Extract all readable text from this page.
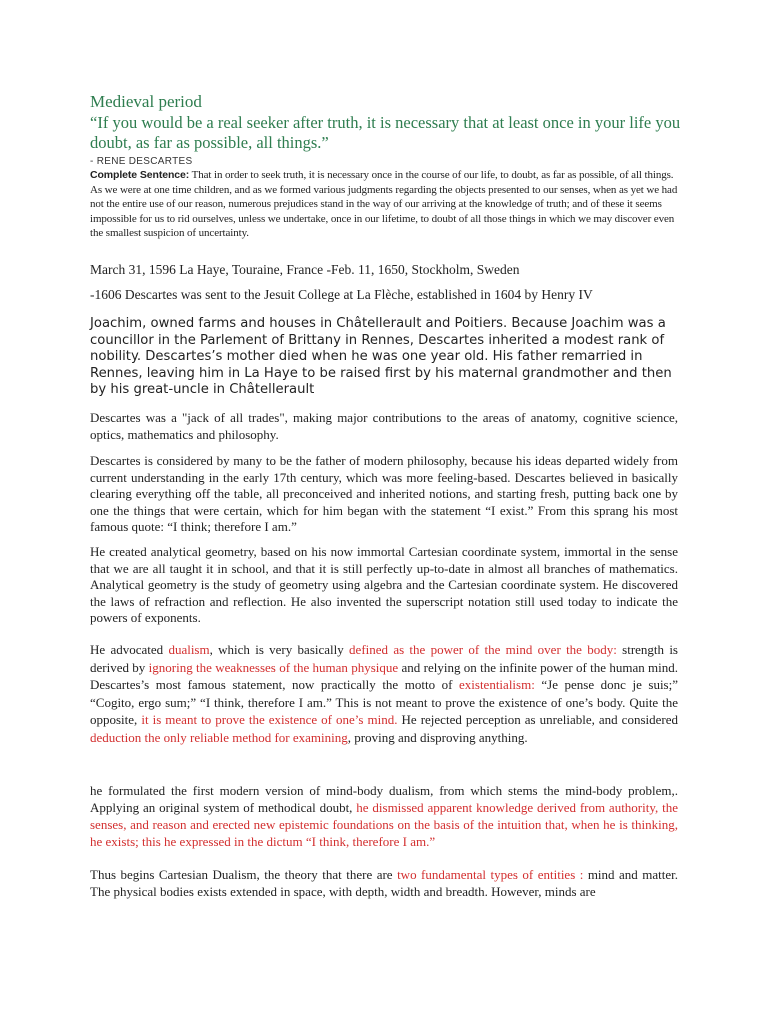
Medieval period
“If you would be a real seeker after truth, it is necessary that at least once in your life you doubt, as far as possible, all things.”
- RENE DESCARTES
Complete Sentence: That in order to seek truth, it is necessary once in the course of our life, to doubt, as far as possible, of all things. As we were at one time children, and as we formed various judgments regarding the objects presented to our senses, when as yet we had not the entire use of our reason, numerous prejudices stand in the way of our arriving at the knowledge of truth; and of these it seems impossible for us to rid ourselves, unless we undertake, once in our lifetime, to doubt of all those things in which we may discover even the smallest suspicion of uncertainty.
March 31, 1596 La Haye, Touraine, France -Feb. 11, 1650, Stockholm, Sweden
-1606 Descartes was sent to the Jesuit College at La Flèche, established in 1604 by Henry IV
Joachim, owned farms and houses in Châtellerault and Poitiers. Because Joachim was a councillor in the Parlement of Brittany in Rennes, Descartes inherited a modest rank of nobility. Descartes’s mother died when he was one year old. His father remarried in Rennes, leaving him in La Haye to be raised first by his maternal grandmother and then by his great-uncle in Châtellerault
Descartes was a "jack of all trades", making major contributions to the areas of anatomy, cognitive science, optics, mathematics and philosophy.
Descartes is considered by many to be the father of modern philosophy, because his ideas departed widely from current understanding in the early 17th century, which was more feeling-based. Descartes believed in basically clearing everything off the table, all preconceived and inherited notions, and starting fresh, putting back one by one the things that were certain, which for him began with the statement “I exist.” From this sprang his most famous quote: “I think; therefore I am.”
He created analytical geometry, based on his now immortal Cartesian coordinate system, immortal in the sense that we are all taught it in school, and that it is still perfectly up-to-date in almost all branches of mathematics. Analytical geometry is the study of geometry using algebra and the Cartesian coordinate system. He discovered the laws of refraction and reflection. He also invented the superscript notation still used today to indicate the powers of exponents.
He advocated dualism, which is very basically defined as the power of the mind over the body: strength is derived by ignoring the weaknesses of the human physique and relying on the infinite power of the human mind. Descartes’s most famous statement, now practically the motto of existentialism: “Je pense donc je suis;” “Cogito, ergo sum;” “I think, therefore I am.” This is not meant to prove the existence of one’s body. Quite the opposite, it is meant to prove the existence of one’s mind. He rejected perception as unreliable, and considered deduction the only reliable method for examining, proving and disproving anything.
he formulated the first modern version of mind-body dualism, from which stems the mind-body problem,. Applying an original system of methodical doubt, he dismissed apparent knowledge derived from authority, the senses, and reason and erected new epistemic foundations on the basis of the intuition that, when he is thinking, he exists; this he expressed in the dictum “I think, therefore I am.”
Thus begins Cartesian Dualism, the theory that there are two fundamental types of entities : mind and matter. The physical bodies exists extended in space, with depth, width and breadth. However, minds are
